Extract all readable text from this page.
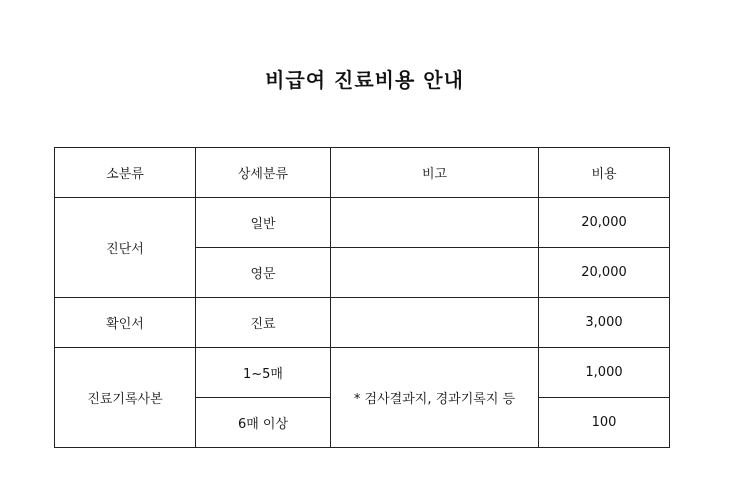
비급여 진료비용 안내
소분류	상세분류	비고	비용
진단서	일반		20,000
	영문		20,000
확인서	진료		3,000
진료기록사본	1~5매	* 검사결과지, 경과기록지 등	1,000
	6매 이상		100
